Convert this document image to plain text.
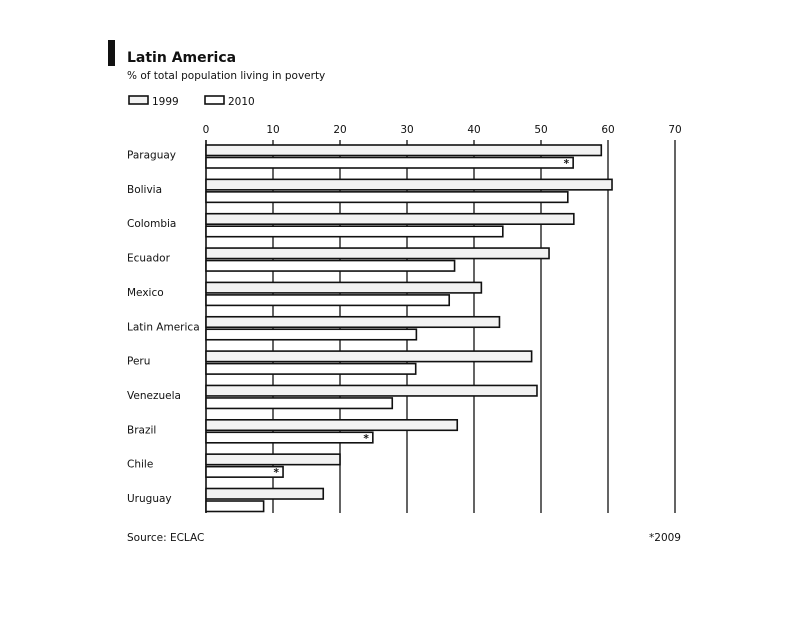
Latin America
% of total population living in poverty
1999	2010
0	10	20	30	40	50	60	70
Paraguay
Bolivia
Colombia
Ecuador
Mexico
Latin America
Peru
Venezuela
Brazil
Chile
Uruguay
*
*
*
Source: ECLAC	*2009
